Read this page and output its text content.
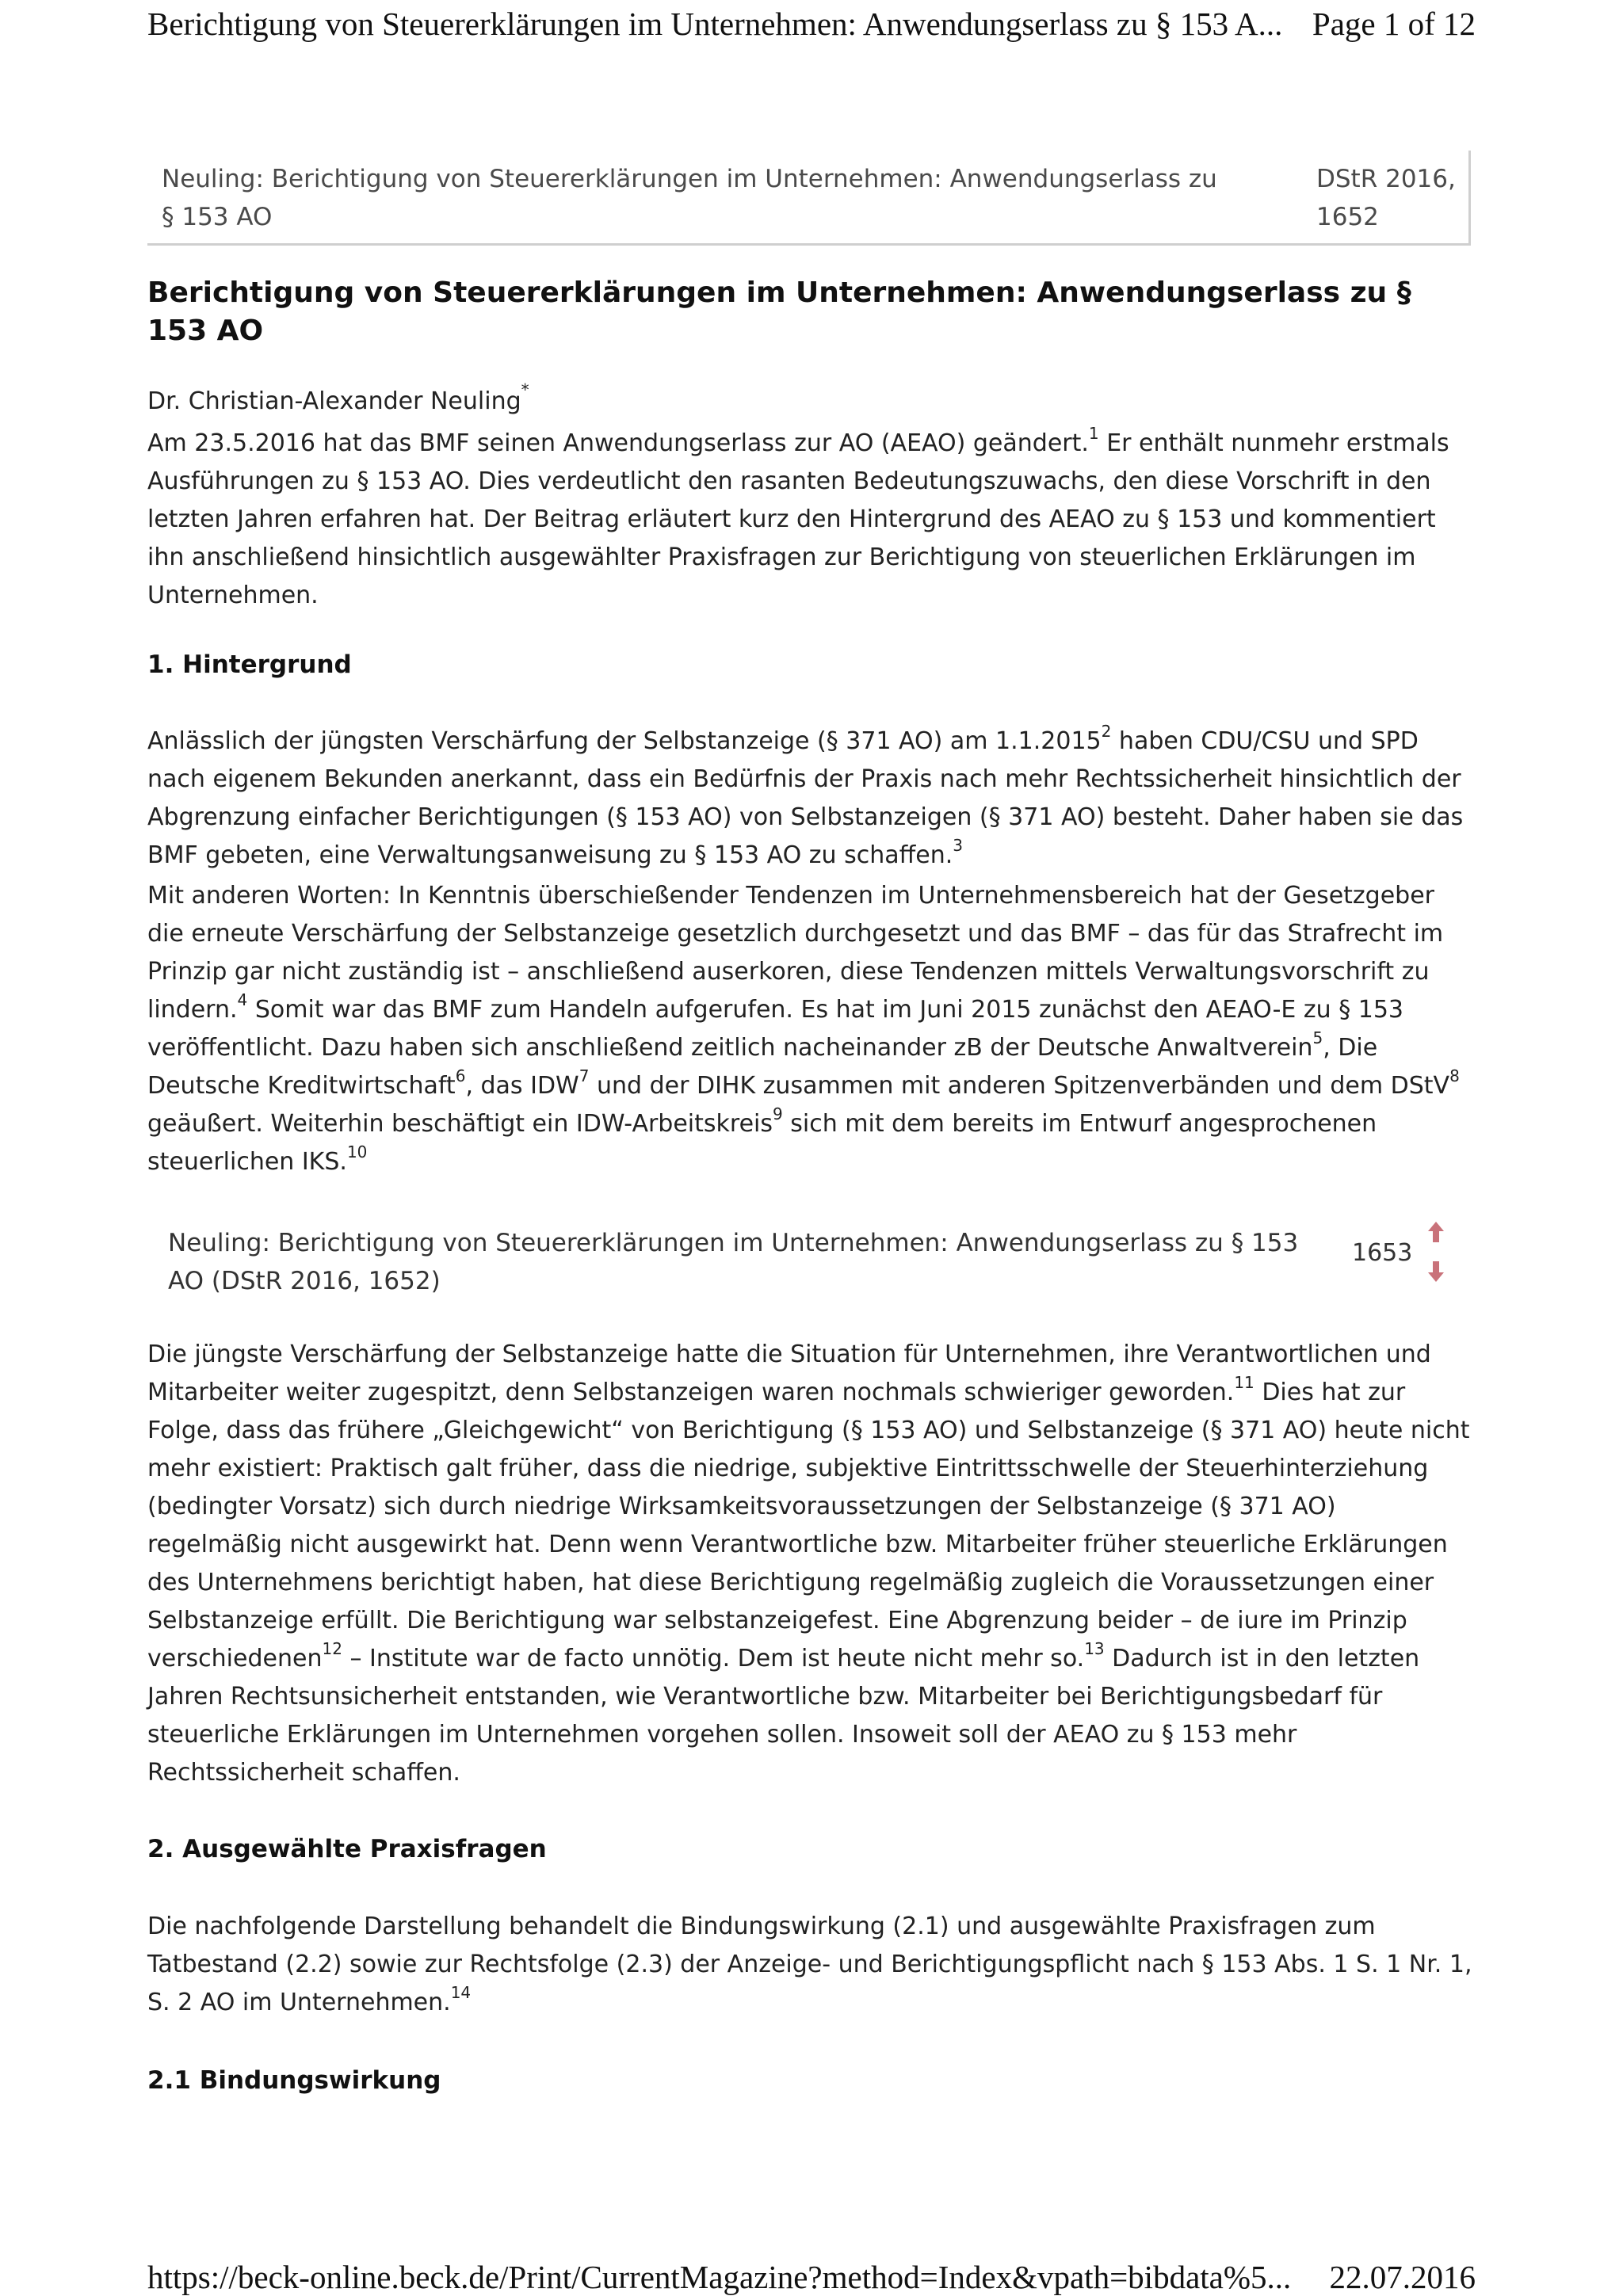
Berichtigung von Steuererklärungen im Unternehmen: Anwendungserlass zu § 153 A... Page 1 of 12
Neuling: Berichtigung von Steuererklärungen im Unternehmen: Anwendungserlass zu
§ 153 AO
DStR 2016,
1652
Berichtigung von Steuererklärungen im Unternehmen: Anwendungserlass zu § 153 AO
Dr. Christian-Alexander Neuling*

Am 23.5.2016 hat das BMF seinen Anwendungserlass zur AO (AEAO) geändert.$^1$ Er enthält nunmehr erstmals Ausführungen zu § 153 AO. Dies verdeutlicht den rasanten Bedeutungszuwachs, den diese Vorschrift in den letzten Jahren erfahren hat. Der Beitrag erläutert kurz den Hintergrund des AEAO zu § 153 und kommentiert ihn anschließend hinsichtlich ausgewählter Praxisfragen zur Berichtigung von steuerlichen Erklärungen im Unternehmen.

1. Hintergrund

Anlässlich der jüngsten Verschärfung der Selbstanzeige (§ 371 AO) am 1.1.2015$^2$ haben CDU/CSU und SPD nach eigenem Bekunden anerkannt, dass ein Bedürfnis der Praxis nach mehr Rechtssicherheit hinsichtlich der Abgrenzung einfacher Berichtigungen (§ 153 AO) von Selbstanzeigen (§ 371 AO) besteht. Daher haben sie das BMF gebeten, eine Verwaltungsanweisung zu § 153 AO zu schaffen.$^3$

Mit anderen Worten: In Kenntnis überschießender Tendenzen im Unternehmensbereich hat der Gesetzgeber die erneute Verschärfung der Selbstanzeige gesetzlich durchgesetzt und das BMF – das für das Strafrecht im Prinzip gar nicht zuständig ist – anschließend auserkoren, diese Tendenzen mittels Verwaltungsvorschrift zu lindern.$^4$ Somit war das BMF zum Handeln aufgerufen. Es hat im Juni 2015 zunächst den AEAO-E zu § 153 veröffentlicht. Dazu haben sich anschließend zeitlich nacheinander zB der Deutsche Anwaltverein$^5$, Die Deutsche Kreditwirtschaft$^6$, das IDW$^7$ und der DIHK zusammen mit anderen Spitzenverbänden und dem DStV$^8$ geäußert. Weiterhin beschäftigt ein IDW-Arbeitskreis$^9$ sich mit dem bereits im Entwurf angesprochenen steuerlichen IKS.$^{10}$

Neuling: Berichtigung von Steuererklärungen im Unternehmen: Anwendungserlass zu § 153
AO (DStR 2016, 1652)
1653

Die jüngste Verschärfung der Selbstanzeige hatte die Situation für Unternehmen, ihre Verantwortlichen und Mitarbeiter weiter zugespitzt, denn Selbstanzeigen waren nochmals schwieriger geworden.$^{11}$ Dies hat zur Folge, dass das frühere „Gleichgewicht“ von Berichtigung (§ 153 AO) und Selbstanzeige (§ 371 AO) heute nicht mehr existiert: Praktisch galt früher, dass die niedrige, subjektive Eintrittsschwelle der Steuerhinterziehung (bedingter Vorsatz) sich durch niedrige Wirksamkeitsvoraussetzungen der Selbstanzeige (§ 371 AO) regelmäßig nicht ausgewirkt hat. Denn wenn Verantwortliche bzw. Mitarbeiter früher steuerliche Erklärungen des Unternehmens berichtigt haben, hat diese Berichtigung regelmäßig zugleich die Voraussetzungen einer Selbstanzeige erfüllt. Die Berichtigung war selbstanzeigefest. Eine Abgrenzung beider – de iure im Prinzip verschiedenen$^{12}$ – Institute war de facto unnötig. Dem ist heute nicht mehr so.$^{13}$ Dadurch ist in den letzten Jahren Rechtsunsicherheit entstanden, wie Verantwortliche bzw. Mitarbeiter bei Berichtigungsbedarf für steuerliche Erklärungen im Unternehmen vorgehen sollen. Insoweit soll der AEAO zu § 153 mehr Rechtssicherheit schaffen.

2. Ausgewählte Praxisfragen

Die nachfolgende Darstellung behandelt die Bindungswirkung (2.1) und ausgewählte Praxisfragen zum Tatbestand (2.2) sowie zur Rechtsfolge (2.3) der Anzeige- und Berichtigungspflicht nach § 153 Abs. 1 S. 1 Nr. 1, S. 2 AO im Unternehmen.$^{14}$

2.1 Bindungswirkung
https://beck-online.beck.de/Print/CurrentMagazine?method=Index&vpath=bibdata%5... 22.07.2016
